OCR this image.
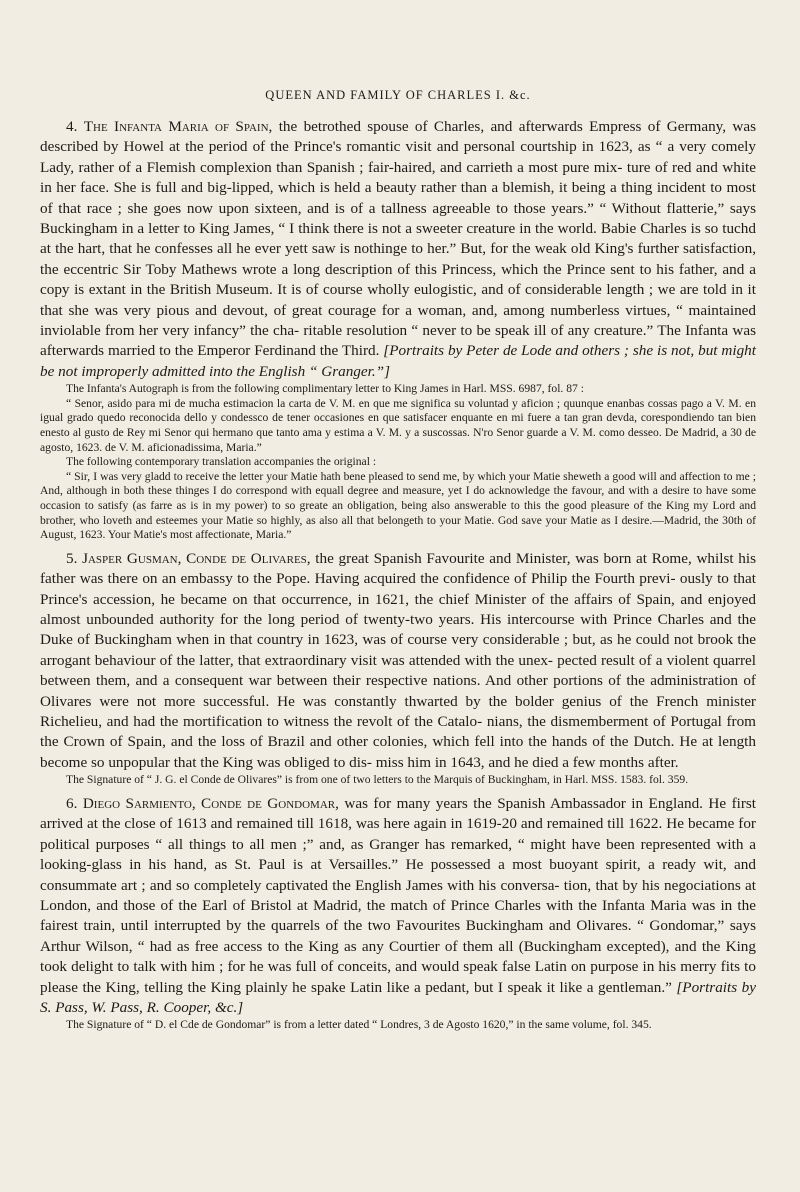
QUEEN AND FAMILY OF CHARLES I. &c.

4. The Infanta Maria of Spain, the betrothed spouse of Charles, and afterwards Empress of Germany, was described by Howel at the period of the Prince's romantic visit and personal courtship in 1623, as “ a very comely Lady, rather of a Flemish complexion than Spanish ; fair-haired, and carrieth a most pure mix- ture of red and white in her face. She is full and big-lipped, which is held a beauty rather than a blemish, it being a thing incident to most of that race ; she goes now upon sixteen, and is of a tallness agreeable to those years.” “ Without flatterie,” says Buckingham in a letter to King James, “ I think there is not a sweeter creature in the world. Babie Charles is so tuchd at the hart, that he confesses all he ever yett saw is nothinge to her.” But, for the weak old King's further satisfaction, the eccentric Sir Toby Mathews wrote a long description of this Princess, which the Prince sent to his father, and a copy is extant in the British Museum. It is of course wholly eulogistic, and of considerable length ; we are told in it that she was very pious and devout, of great courage for a woman, and, among numberless virtues, “ maintained inviolable from her very infancy” the cha- ritable resolution “ never to be speak ill of any creature.” The Infanta was afterwards married to the Emperor Ferdinand the Third. [Portraits by Peter de Lode and others ; she is not, but might be not improperly admitted into the English “ Granger.”]

The Infanta's Autograph is from the following complimentary letter to King James in Harl. MSS. 6987, fol. 87 :

“ Senor, asido para mi de mucha estimacion la carta de V. M. en que me significa su voluntad y aficion ; quunque enanbas cossas pago a V. M. en igual grado quedo reconocida dello y condessco de tener occasiones en que satisfacer enquante en mi fuere a tan gran devda, corespondiendo tan bien enesto al gusto de Rey mi Senor qui hermano que tanto ama y estima a V. M. y a suscossas. N'ro Senor guarde a V. M. como desseo. De Madrid, a 30 de agosto, 1623. de V. M. aficionadissima, Maria.”

The following contemporary translation accompanies the original :

“ Sir, I was very gladd to receive the letter your Matie hath bene pleased to send me, by which your Matie sheweth a good will and affection to me ; And, although in both these thinges I do correspond with equall degree and measure, yet I do acknowledge the favour, and with a desire to have some occasion to satisfy (as farre as is in my power) to so greate an obligation, being also answerable to this the good pleasure of the King my Lord and brother, who loveth and esteemes your Matie so highly, as also all that belongeth to your Matie. God save your Matie as I desire.—Madrid, the 30th of August, 1623. Your Matie's most affectionate, Maria.”

5. Jasper Gusman, Conde de Olivares, the great Spanish Favourite and Minister, was born at Rome, whilst his father was there on an embassy to the Pope. Having acquired the confidence of Philip the Fourth previ- ously to that Prince's accession, he became on that occurrence, in 1621, the chief Minister of the affairs of Spain, and enjoyed almost unbounded authority for the long period of twenty-two years. His intercourse with Prince Charles and the Duke of Buckingham when in that country in 1623, was of course very considerable ; but, as he could not brook the arrogant behaviour of the latter, that extraordinary visit was attended with the unex- pected result of a violent quarrel between them, and a consequent war between their respective nations. And other portions of the administration of Olivares were not more successful. He was constantly thwarted by the bolder genius of the French minister Richelieu, and had the mortification to witness the revolt of the Catalo- nians, the dismemberment of Portugal from the Crown of Spain, and the loss of Brazil and other colonies, which fell into the hands of the Dutch. He at length become so unpopular that the King was obliged to dis- miss him in 1643, and he died a few months after.

The Signature of “ J. G. el Conde de Olivares” is from one of two letters to the Marquis of Buckingham, in Harl. MSS. 1583. fol. 359.

6. Diego Sarmiento, Conde de Gondomar, was for many years the Spanish Ambassador in England. He first arrived at the close of 1613 and remained till 1618, was here again in 1619-20 and remained till 1622. He became for political purposes “ all things to all men ;” and, as Granger has remarked, “ might have been represented with a looking-glass in his hand, as St. Paul is at Versailles.” He possessed a most buoyant spirit, a ready wit, and consummate art ; and so completely captivated the English James with his conversa- tion, that by his negociations at London, and those of the Earl of Bristol at Madrid, the match of Prince Charles with the Infanta Maria was in the fairest train, until interrupted by the quarrels of the two Favourites Buckingham and Olivares. “ Gondomar,” says Arthur Wilson, “ had as free access to the King as any Courtier of them all (Buckingham excepted), and the King took delight to talk with him ; for he was full of conceits, and would speak false Latin on purpose in his merry fits to please the King, telling the King plainly he spake Latin like a pedant, but I speak it like a gentleman.” [Portraits by S. Pass, W. Pass, R. Cooper, &c.]

The Signature of “ D. el Cde de Gondomar” is from a letter dated “ Londres, 3 de Agosto 1620,” in the same volume, fol. 345.
